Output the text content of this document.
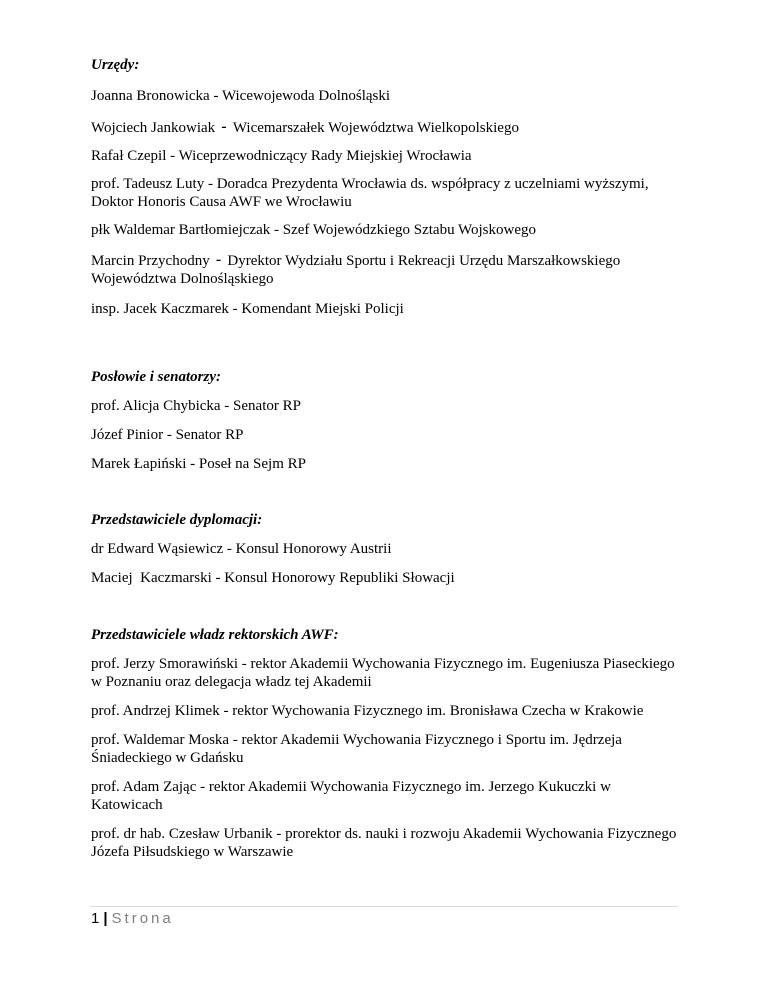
Urzędy:

Joanna Bronowicka - Wicewojewoda Dolnośląski

Wojciech Jankowiak - Wicemarszałek Województwa Wielkopolskiego

Rafał Czepil - Wiceprzewodniczący Rady Miejskiej Wrocławia

prof. Tadeusz Luty - Doradca Prezydenta Wrocławia ds. współpracy z uczelniami wyższymi, Doktor Honoris Causa AWF we Wrocławiu

płk Waldemar Bartłomiejczak - Szef Wojewódzkiego Sztabu Wojskowego

Marcin Przychodny - Dyrektor Wydziału Sportu i Rekreacji Urzędu Marszałkowskiego Województwa Dolnośląskiego

insp. Jacek Kaczmarek - Komendant Miejski Policji

Posłowie i senatorzy:

prof. Alicja Chybicka - Senator RP

Józef Pinior - Senator RP

Marek Łapiński - Poseł na Sejm RP

Przedstawiciele dyplomacji:

dr Edward Wąsiewicz - Konsul Honorowy Austrii

Maciej  Kaczmarski - Konsul Honorowy Republiki Słowacji

Przedstawiciele władz rektorskich AWF:

prof. Jerzy Smorawiński - rektor Akademii Wychowania Fizycznego im. Eugeniusza Piaseckiego w Poznaniu oraz delegacja władz tej Akademii

prof. Andrzej Klimek - rektor Wychowania Fizycznego im. Bronisława Czecha w Krakowie

prof. Waldemar Moska - rektor Akademii Wychowania Fizycznego i Sportu im. Jędrzeja Śniadeckiego w Gdańsku

prof. Adam Zając - rektor Akademii Wychowania Fizycznego im. Jerzego Kukuczki w Katowicach

prof. dr hab. Czesław Urbanik - prorektor ds. nauki i rozwoju Akademii Wychowania Fizycznego Józefa Piłsudskiego w Warszawie

1 | Strona
